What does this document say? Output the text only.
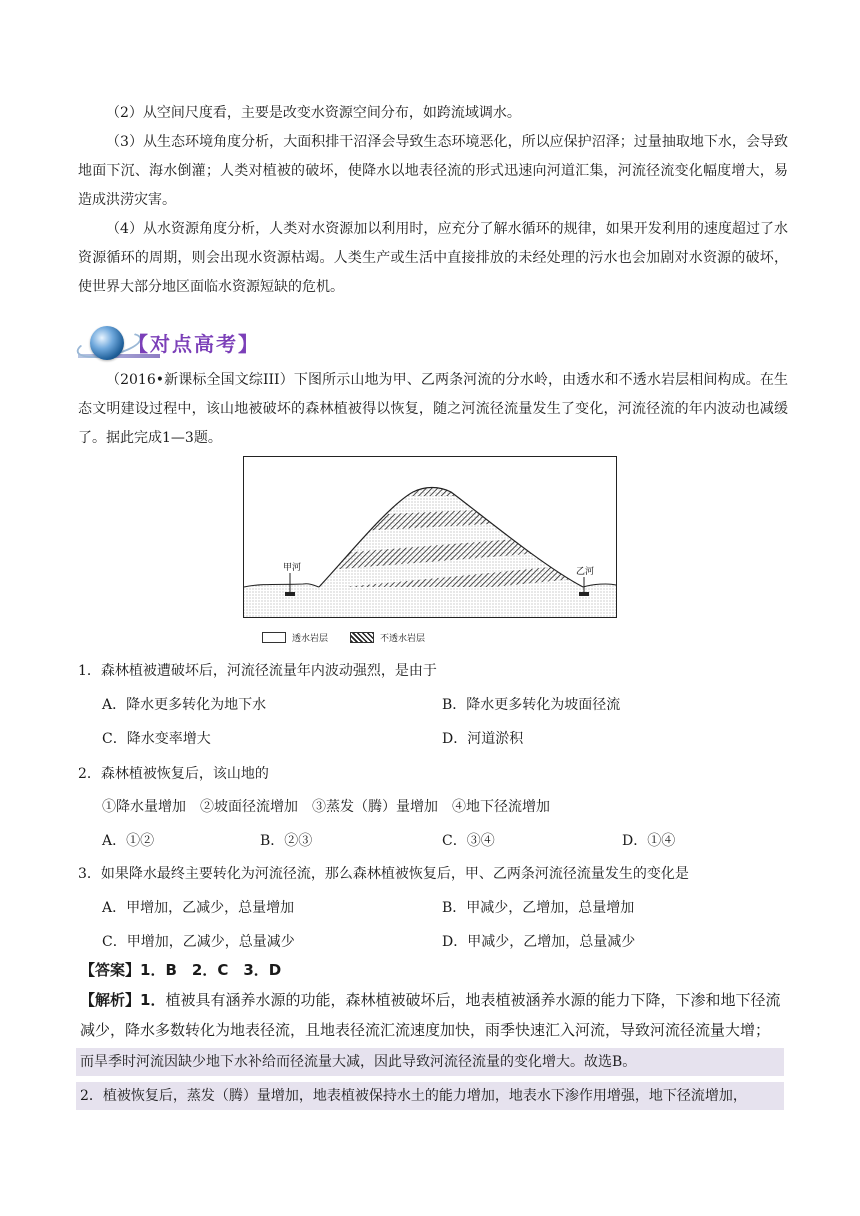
（2）从空间尺度看，主要是改变水资源空间分布，如跨流域调水。

（3）从生态环境角度分析，大面积排干沼泽会导致生态环境恶化，所以应保护沼泽；过量抽取地下水，会导致地面下沉、海水倒灌；人类对植被的破坏，使降水以地表径流的形式迅速向河道汇集，河流径流变化幅度增大，易造成洪涝灾害。

（4）从水资源角度分析，人类对水资源加以利用时，应充分了解水循环的规律，如果开发利用的速度超过了水资源循环的周期，则会出现水资源枯竭。人类生产或生活中直接排放的未经处理的污水也会加剧对水资源的破坏，使世界大部分地区面临水资源短缺的危机。

【对点高考】

（2016•新课标全国文综III）下图所示山地为甲、乙两条河流的分水岭，由透水和不透水岩层相间构成。在生态文明建设过程中，该山地被破坏的森林植被得以恢复，随之河流径流量发生了变化，河流径流的年内波动也减缓了。据此完成1—3题。

甲河	乙河
透水岩层	不透水岩层
1．森林植被遭破坏后，河流径流量年内波动强烈，是由于
A．降水更多转化为地下水	B．降水更多转化为坡面径流
C．降水变率增大	D．河道淤积
2．森林植被恢复后，该山地的
①降水量增加　②坡面径流增加　③蒸发（腾）量增加　④地下径流增加
A．①②	B．②③	C．③④	D．①④
3．如果降水最终主要转化为河流径流，那么森林植被恢复后，甲、乙两条河流径流量发生的变化是
A．甲增加，乙减少，总量增加	B．甲减少，乙增加，总量增加
C．甲增加，乙减少，总量减少	D．甲减少，乙增加，总量减少
【答案】1．B　2．C　3．D
【解析】1．植被具有涵养水源的功能，森林植被破坏后，地表植被涵养水源的能力下降，下渗和地下径流
减少，降水多数转化为地表径流，且地表径流汇流速度加快，雨季快速汇入河流，导致河流径流量大增；
而旱季时河流因缺少地下水补给而径流量大减，因此导致河流径流量的变化增大。故选B。
2．植被恢复后，蒸发（腾）量增加，地表植被保持水土的能力增加，地表水下渗作用增强，地下径流增加，
